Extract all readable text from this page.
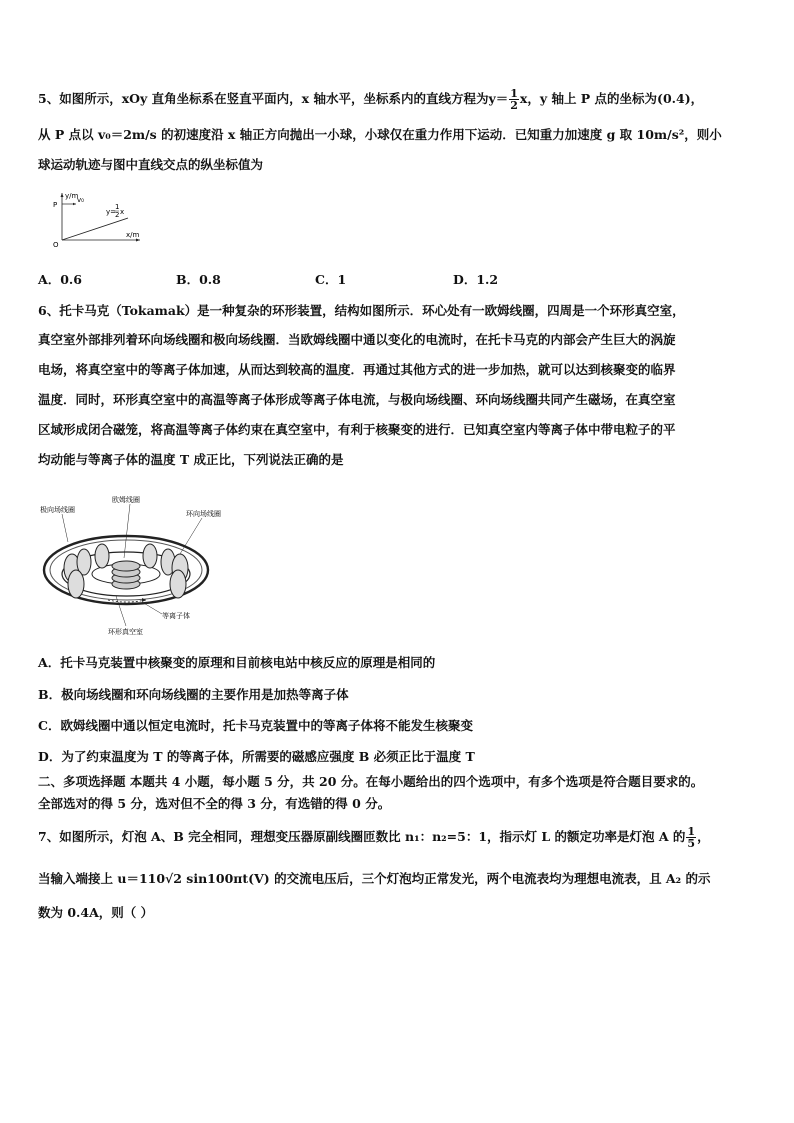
5、如图所示，xOy 直角坐标系在竖直平面内，x 轴水平，坐标系内的直线方程为$y= \frac{1}{2}$ x，y 轴上 P 点的坐标为(0.4)，
从 P 点以 v₀＝2m/s 的初速度沿 x 轴正方向抛出一小球，小球仅在重力作用下运动．已知重力加速度 g 取 10m/s²，则小
球运动轨迹与图中直线交点的纵坐标值为
y/m
x/m
P
O
v₀
y=
1
2 x
A．0.6	B．0.8	C．1	D．1.2
6、托卡马克（Tokamak）是一种复杂的环形装置，结构如图所示．环心处有一欧姆线圈，四周是一个环形真空室，
真空室外部排列着环向场线圈和极向场线圈．当欧姆线圈中通以变化的电流时，在托卡马克的内部会产生巨大的涡旋
电场，将真空室中的等离子体加速，从而达到较高的温度．再通过其他方式的进一步加热，就可以达到核聚变的临界
温度．同时，环形真空室中的高温等离子体形成等离子体电流，与极向场线圈、环向场线圈共同产生磁场，在真空室
区域形成闭合磁笼，将高温等离子体约束在真空室中，有利于核聚变的进行．已知真空室内等离子体中带电粒子的平
均动能与等离子体的温度 T 成正比，下列说法正确的是
欧姆线圈
极向场线圈	环向场线圈
等离子体
环形真空室
A．托卡马克装置中核聚变的原理和目前核电站中核反应的原理是相同的
B．极向场线圈和环向场线圈的主要作用是加热等离子体
C．欧姆线圈中通以恒定电流时，托卡马克装置中的等离子体将不能发生核聚变
D．为了约束温度为 T 的等离子体，所需要的磁感应强度 B 必须正比于温度 T
二、多项选择题 本题共 4 小题，每小题 5 分，共 20 分。在每小题给出的四个选项中，有多个选项是符合题目要求的。
全部选对的得 5 分，选对但不全的得 3 分，有选错的得 0 分。
7、如图所示，灯泡 A、B 完全相同，理想变压器原副线圈匝数比 n₁：n₂=5：1，指示灯 L 的额定功率是灯泡 A 的 $\frac{1}{5}$ ，
当输入端接上 u＝110√2 sin100πt(V) 的交流电压后，三个灯泡均正常发光，两个电流表均为理想电流表，且 A₂ 的示
数为 0.4A，则（ ）
